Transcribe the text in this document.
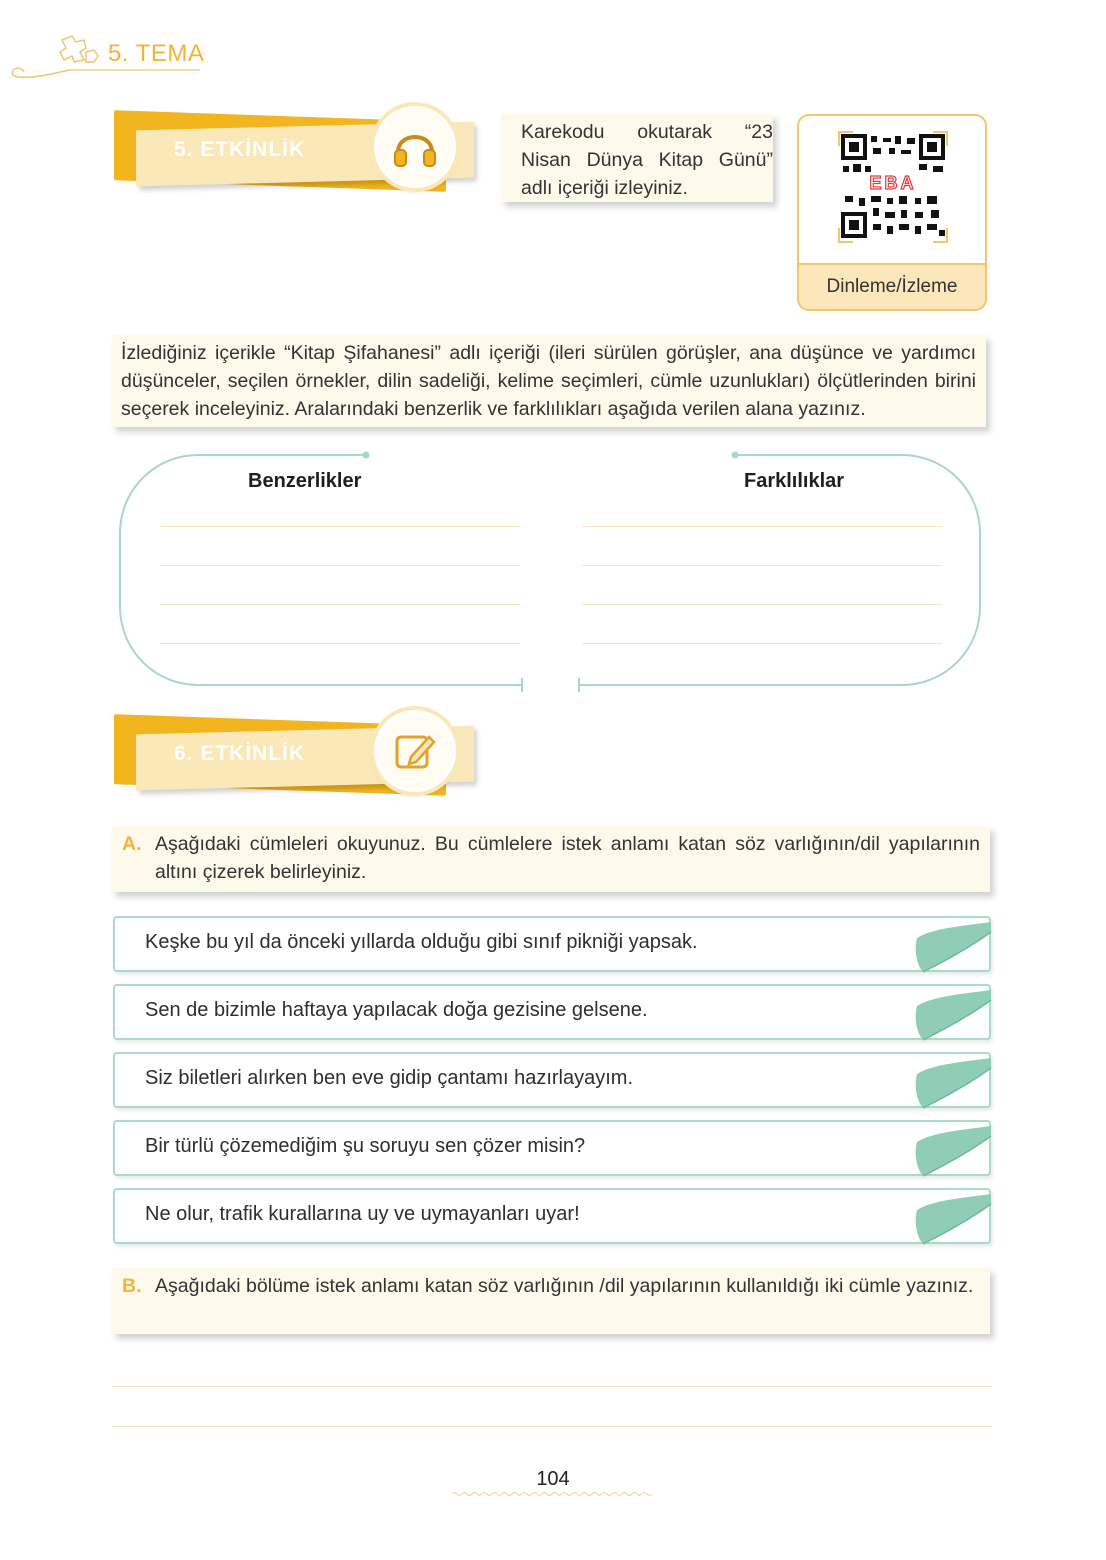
5. TEMA
5. ETKİNLİK
Karekodu okutarak “23 Nisan Dünya Kitap Günü” adlı içeriği izleyiniz.	EBA
Dinleme/İzleme
İzlediğiniz içerikle “Kitap Şifahanesi” adlı içeriği (ileri sürülen görüşler, ana düşünce ve yardımcı düşünceler, seçilen örnekler, dilin sadeliği, kelime seçimleri, cümle uzunlukları) ölçütlerinden birini seçerek inceleyiniz. Aralarındaki benzerlik ve farklılıkları aşağıda verilen alana yazınız.
Benzerlikler	Farklılıklar
6. ETKİNLİK
A. Aşağıdaki cümleleri okuyunuz. Bu cümlelere istek anlamı katan söz varlığının/dil yapılarının altını çizerek belirleyiniz.
Keşke bu yıl da önceki yıllarda olduğu gibi sınıf pikniği yapsak.
Sen de bizimle haftaya yapılacak doğa gezisine gelsene.
Siz biletleri alırken ben eve gidip çantamı hazırlayayım.
Bir türlü çözemediğim şu soruyu sen çözer misin?
Ne olur, trafik kurallarına uy ve uymayanları uyar!
B. Aşağıdaki bölüme istek anlamı katan söz varlığının /dil yapılarının kullanıldığı iki cümle yazınız.
104
